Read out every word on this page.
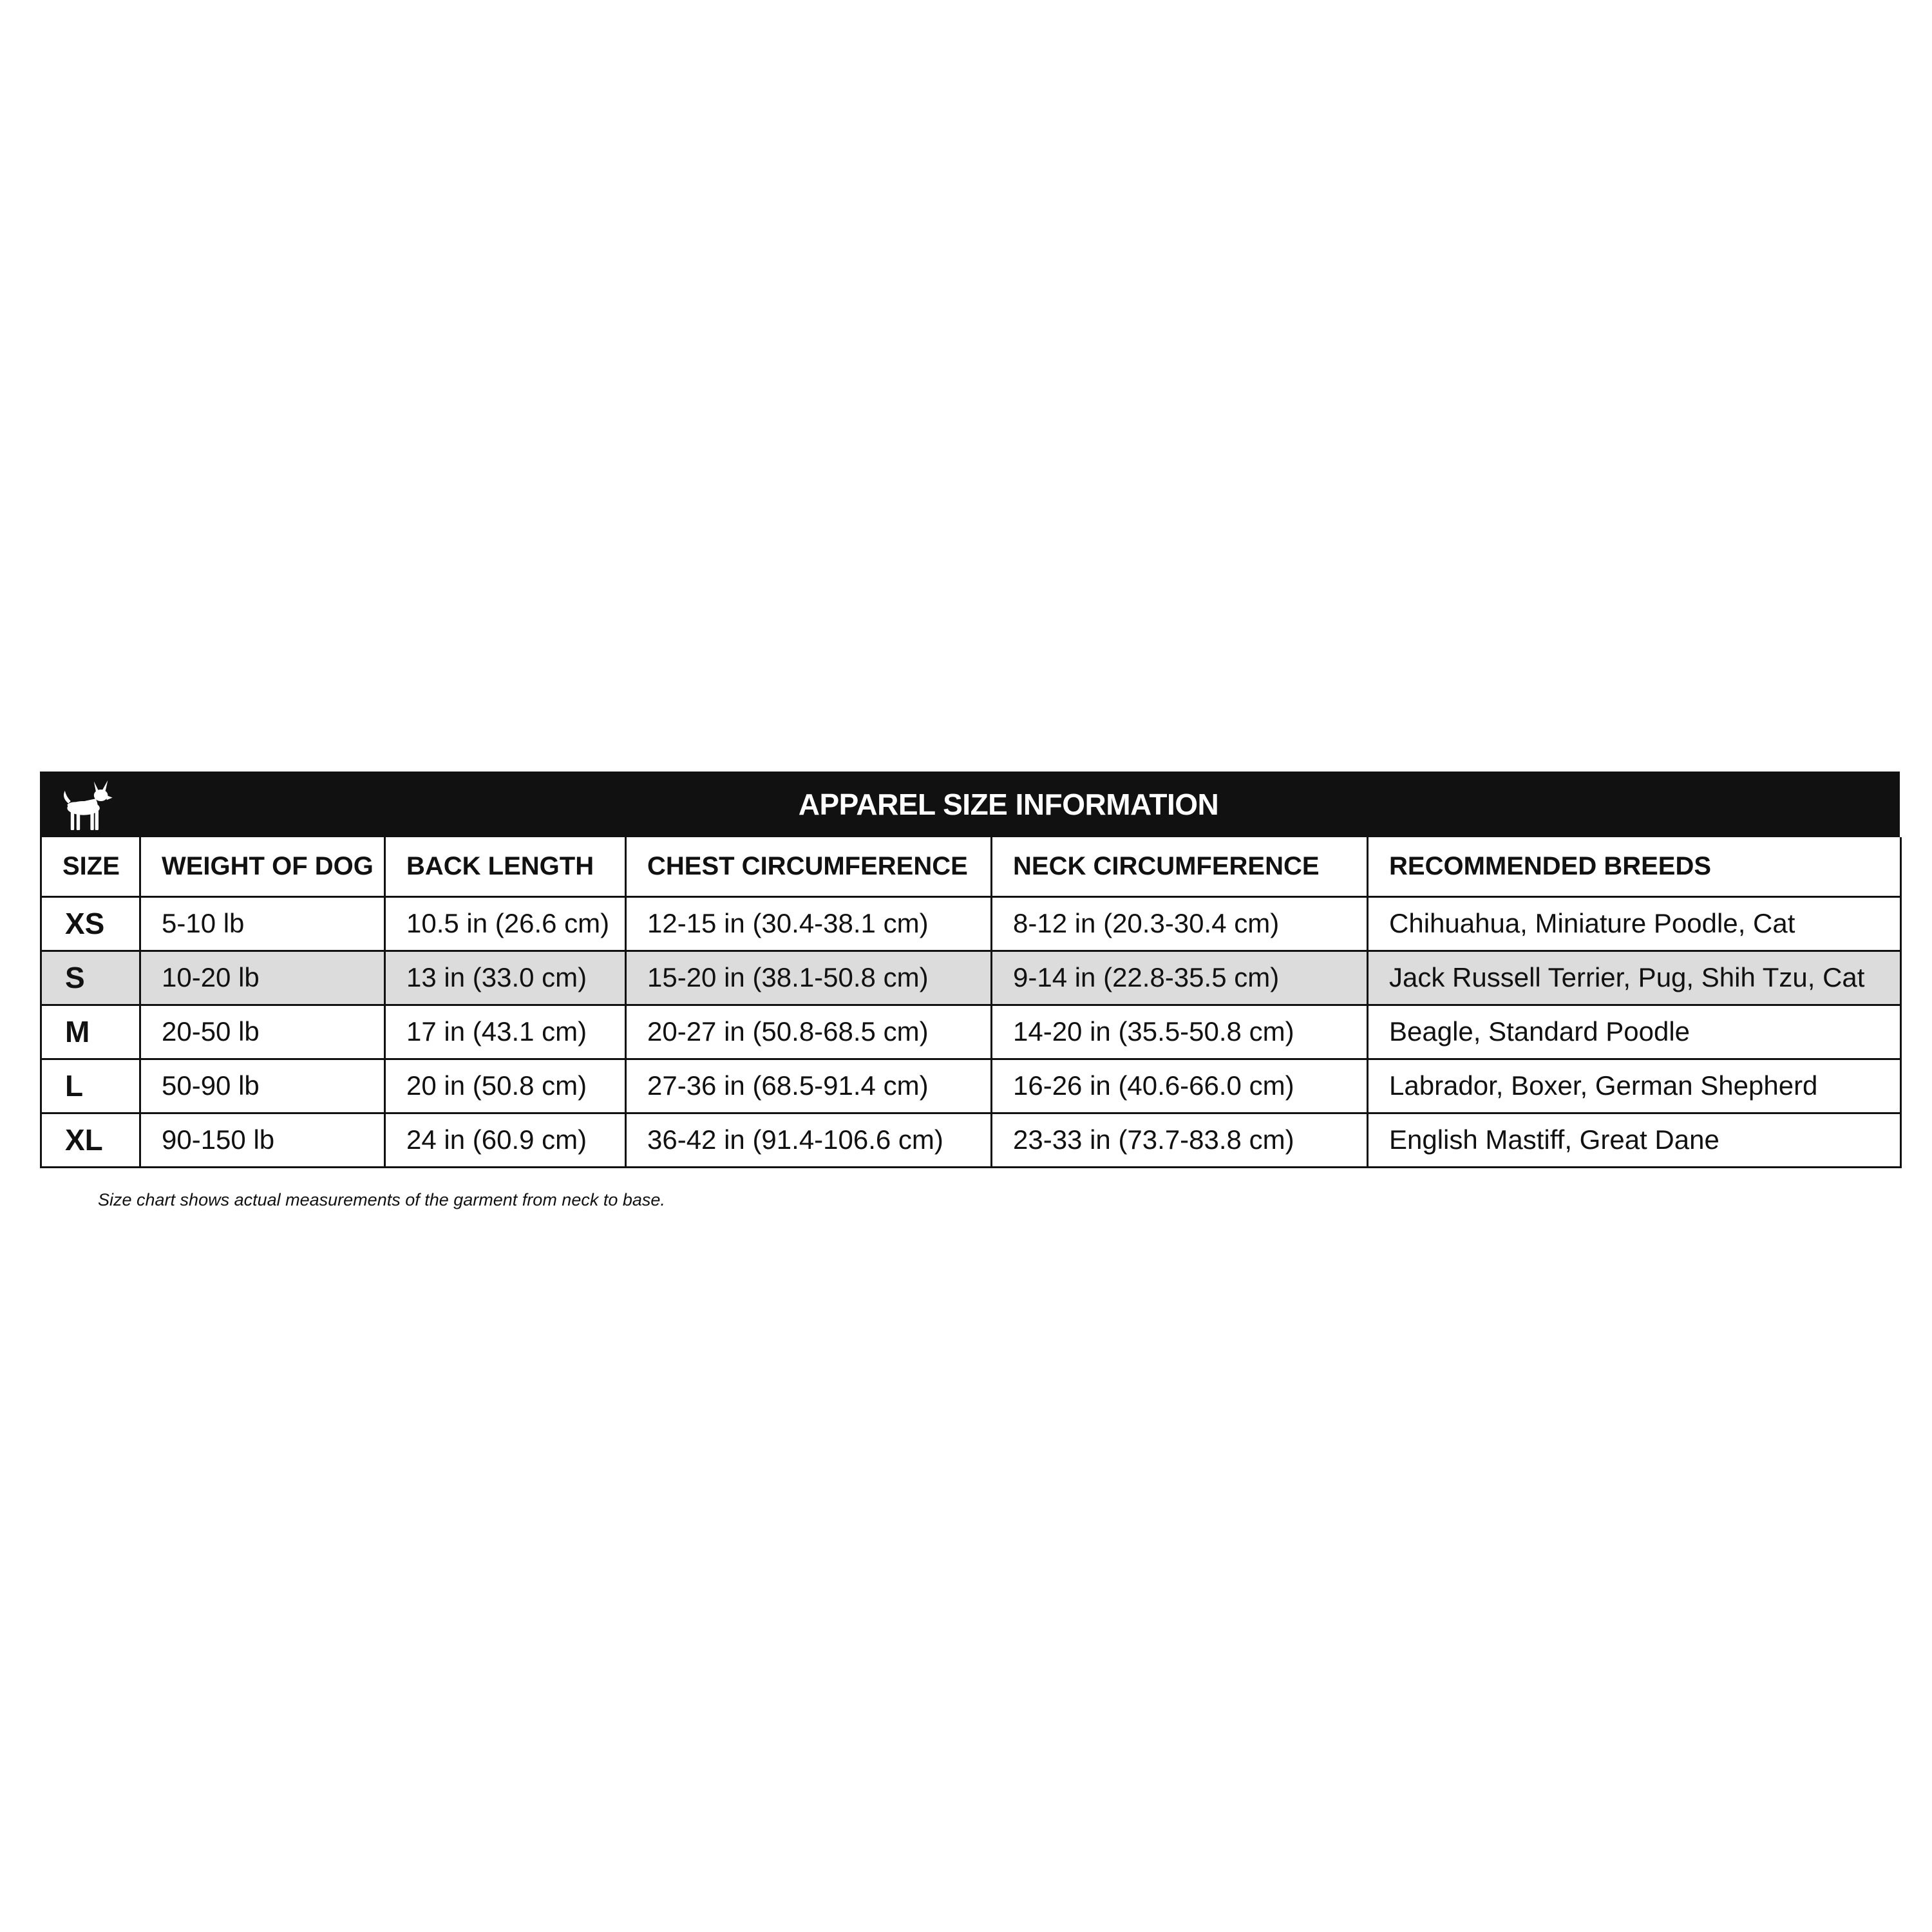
APPAREL SIZE INFORMATION
SIZE	WEIGHT OF DOG	BACK LENGTH	CHEST CIRCUMFERENCE	NECK CIRCUMFERENCE	RECOMMENDED BREEDS
XS	5-10 lb	10.5 in (26.6 cm)	12-15 in (30.4-38.1 cm)	8-12 in (20.3-30.4 cm)	Chihuahua, Miniature Poodle, Cat
S	10-20 lb	13 in (33.0 cm)	15-20 in (38.1-50.8 cm)	9-14 in (22.8-35.5 cm)	Jack Russell Terrier, Pug, Shih Tzu, Cat
M	20-50 lb	17 in (43.1 cm)	20-27 in (50.8-68.5 cm)	14-20 in (35.5-50.8 cm)	Beagle, Standard Poodle
L	50-90 lb	20 in (50.8 cm)	27-36 in (68.5-91.4 cm)	16-26 in (40.6-66.0 cm)	Labrador, Boxer, German Shepherd
XL	90-150 lb	24 in (60.9 cm)	36-42 in (91.4-106.6 cm)	23-33 in (73.7-83.8 cm)	English Mastiff, Great Dane
Size chart shows actual measurements of the garment from neck to base.
